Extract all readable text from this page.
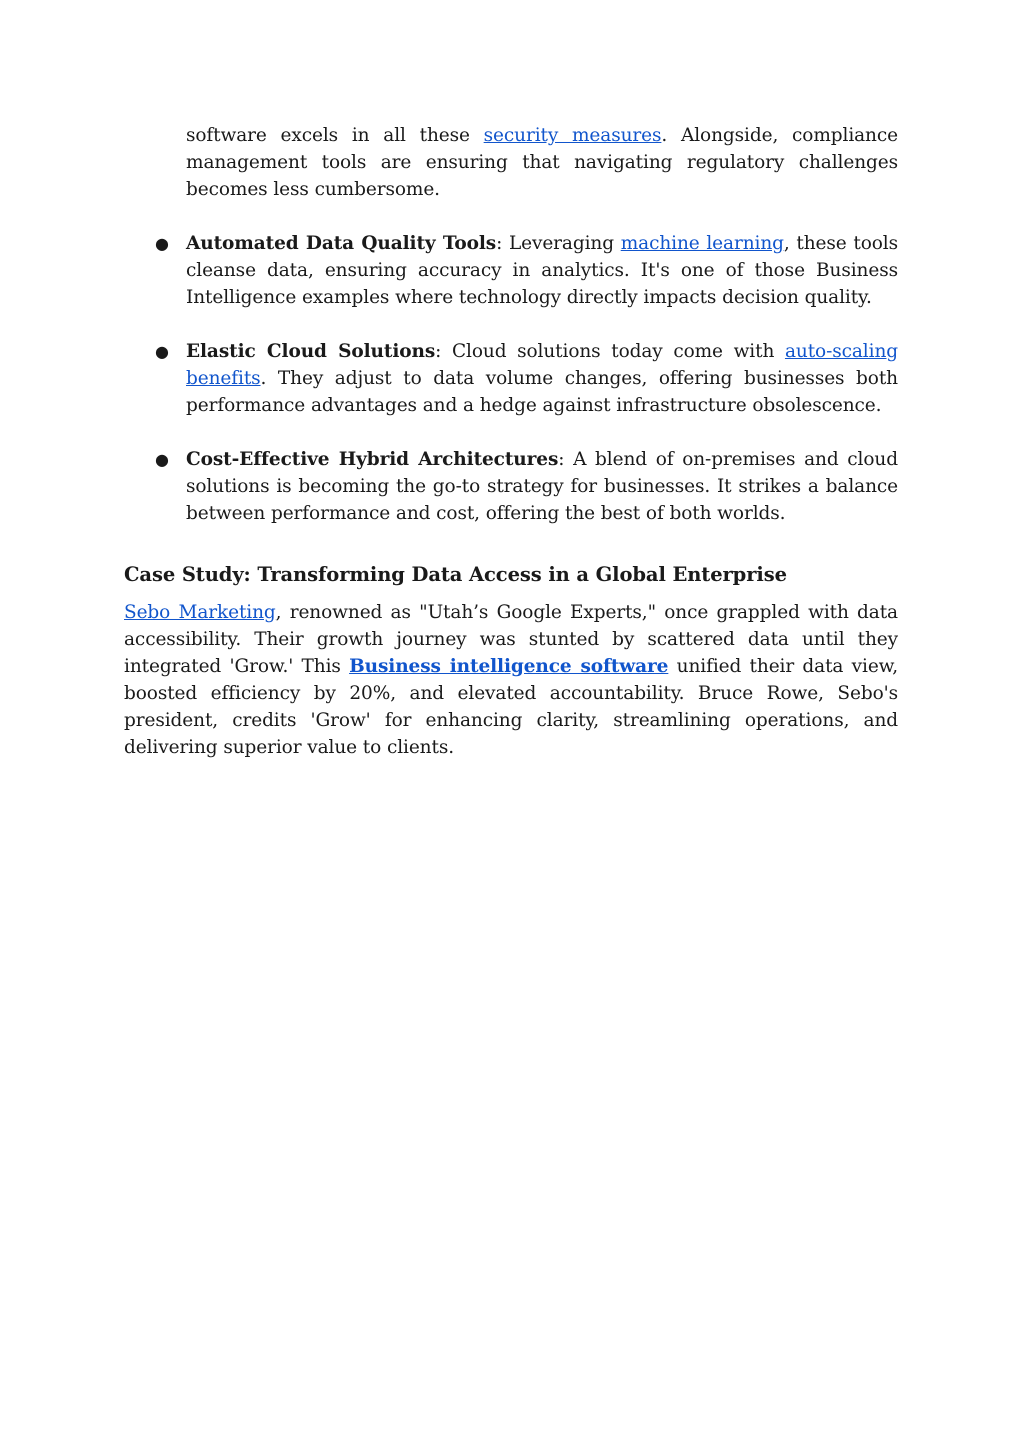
software excels in all these security measures. Alongside, compliance management tools are ensuring that navigating regulatory challenges becomes less cumbersome.

● Automated Data Quality Tools: Leveraging machine learning, these tools cleanse data, ensuring accuracy in analytics. It's one of those Business Intelligence examples where technology directly impacts decision quality.

● Elastic Cloud Solutions: Cloud solutions today come with auto-scaling benefits. They adjust to data volume changes, offering businesses both performance advantages and a hedge against infrastructure obsolescence.

● Cost-Effective Hybrid Architectures: A blend of on-premises and cloud solutions is becoming the go-to strategy for businesses. It strikes a balance between performance and cost, offering the best of both worlds.

Case Study: Transforming Data Access in a Global Enterprise

Sebo Marketing, renowned as "Utah’s Google Experts," once grappled with data accessibility. Their growth journey was stunted by scattered data until they integrated 'Grow.' This Business intelligence software unified their data view, boosted efficiency by 20%, and elevated accountability. Bruce Rowe, Sebo's president, credits 'Grow' for enhancing clarity, streamlining operations, and delivering superior value to clients.
